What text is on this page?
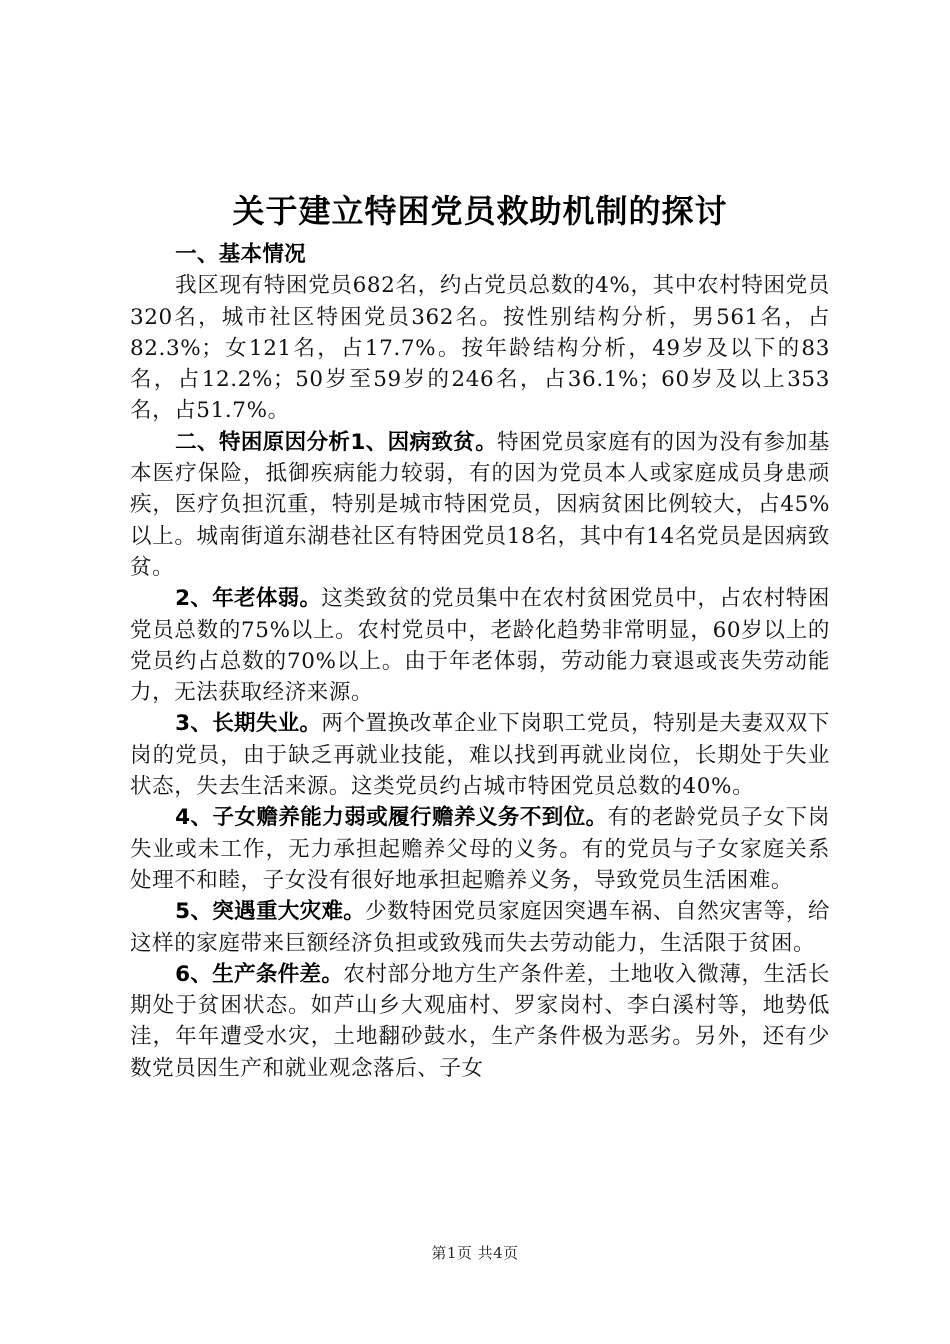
关于建立特困党员救助机制的探讨

一、基本情况

我区现有特困党员682名，约占党员总数的4%，其中农村特困党员320名，城市社区特困党员362名。按性别结构分析，男561名，占82.3%；女121名，占17.7%。按年龄结构分析，49岁及以下的83名，占12.2%；50岁至59岁的246名，占36.1%；60岁及以上353名，占51.7%。

二、特困原因分析1、因病致贫。特困党员家庭有的因为没有参加基本医疗保险，抵御疾病能力较弱，有的因为党员本人或家庭成员身患顽疾，医疗负担沉重，特别是城市特困党员，因病贫困比例较大，占45%以上。城南街道东湖巷社区有特困党员18名，其中有14名党员是因病致贫。

2、年老体弱。这类致贫的党员集中在农村贫困党员中，占农村特困党员总数的75%以上。农村党员中，老龄化趋势非常明显，60岁以上的党员约占总数的70%以上。由于年老体弱，劳动能力衰退或丧失劳动能力，无法获取经济来源。

3、长期失业。两个置换改革企业下岗职工党员，特别是夫妻双双下岗的党员，由于缺乏再就业技能，难以找到再就业岗位，长期处于失业状态，失去生活来源。这类党员约占城市特困党员总数的40%。

4、子女赡养能力弱或履行赡养义务不到位。有的老龄党员子女下岗失业或未工作，无力承担起赡养父母的义务。有的党员与子女家庭关系处理不和睦，子女没有很好地承担起赡养义务，导致党员生活困难。

5、突遇重大灾难。少数特困党员家庭因突遇车祸、自然灾害等，给这样的家庭带来巨额经济负担或致残而失去劳动能力，生活限于贫困。

6、生产条件差。农村部分地方生产条件差，土地收入微薄，生活长期处于贫困状态。如芦山乡大观庙村、罗家岗村、李白溪村等，地势低洼，年年遭受水灾，土地翻砂鼓水，生产条件极为恶劣。另外，还有少数党员因生产和就业观念落后、子女

第1页 共4页
